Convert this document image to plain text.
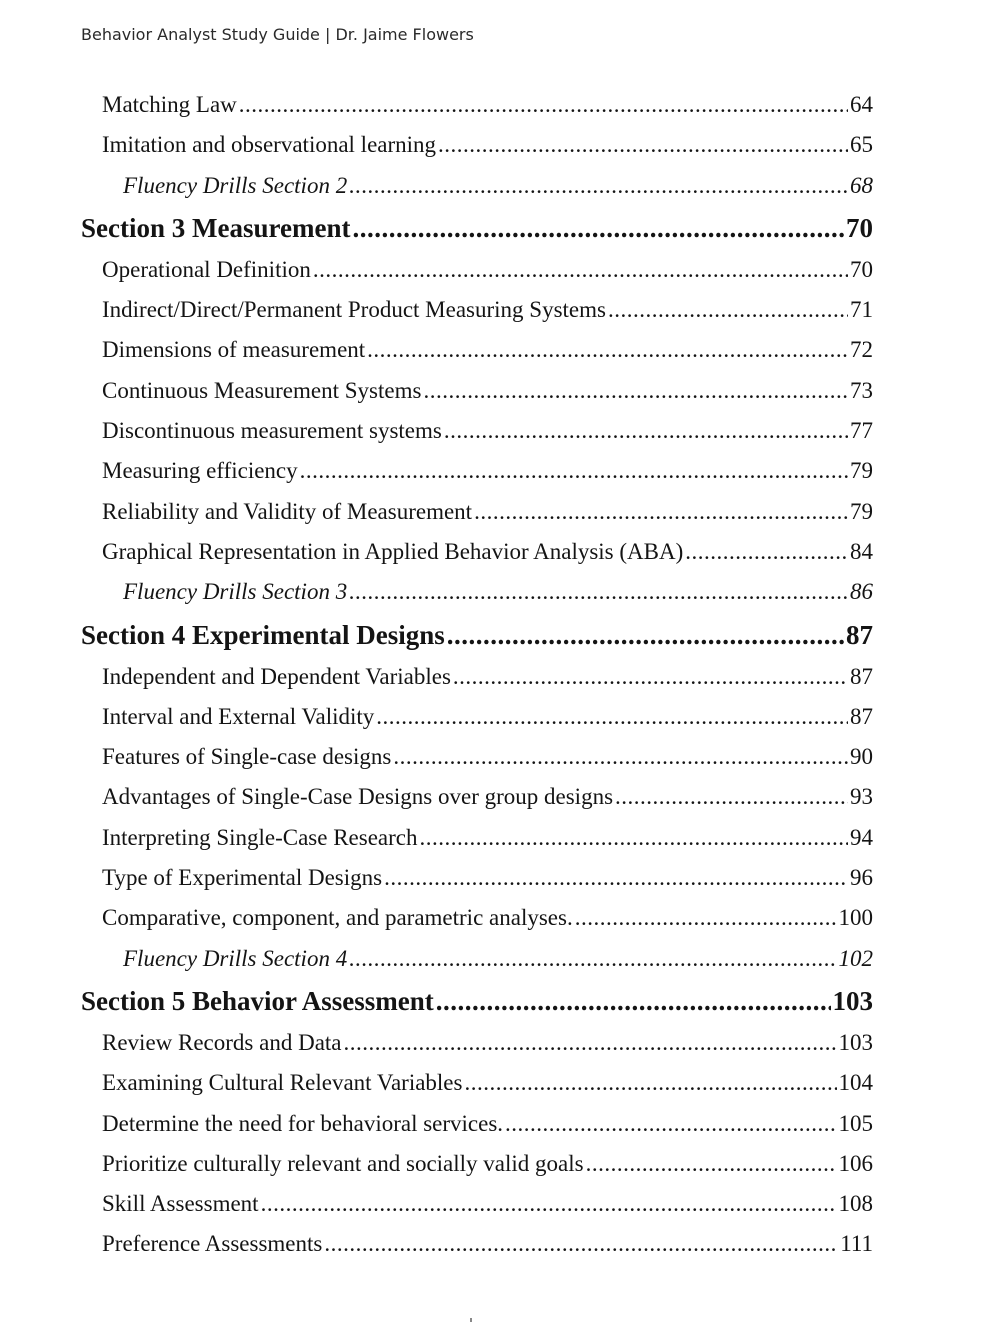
Behavior Analyst Study Guide | Dr. Jaime Flowers
Matching Law .....	64
Imitation and observational learning .....	65
Fluency Drills Section 2 .....	68
Section 3 Measurement .....	70
Operational Definition .....	70
Indirect/Direct/Permanent Product Measuring Systems .....	71
Dimensions of measurement .....	72
Continuous Measurement Systems .....	73
Discontinuous measurement systems .....	77
Measuring efficiency .....	79
Reliability and Validity of Measurement .....	79
Graphical Representation in Applied Behavior Analysis (ABA) .....	84
Fluency Drills Section 3 .....	86
Section 4 Experimental Designs .....	87
Independent and Dependent Variables .....	87
Interval and External Validity .....	87
Features of Single-case designs .....	90
Advantages of Single-Case Designs over group designs .....	93
Interpreting Single-Case Research .....	94
Type of Experimental Designs .....	96
Comparative, component, and parametric analyses. .....	100
Fluency Drills Section 4 .....	102
Section 5 Behavior Assessment .....	103
Review Records and Data .....	103
Examining Cultural Relevant Variables .....	104
Determine the need for behavioral services. .....	105
Prioritize culturally relevant and socially valid goals .....	106
Skill Assessment .....	108
Preference Assessments .....	111
